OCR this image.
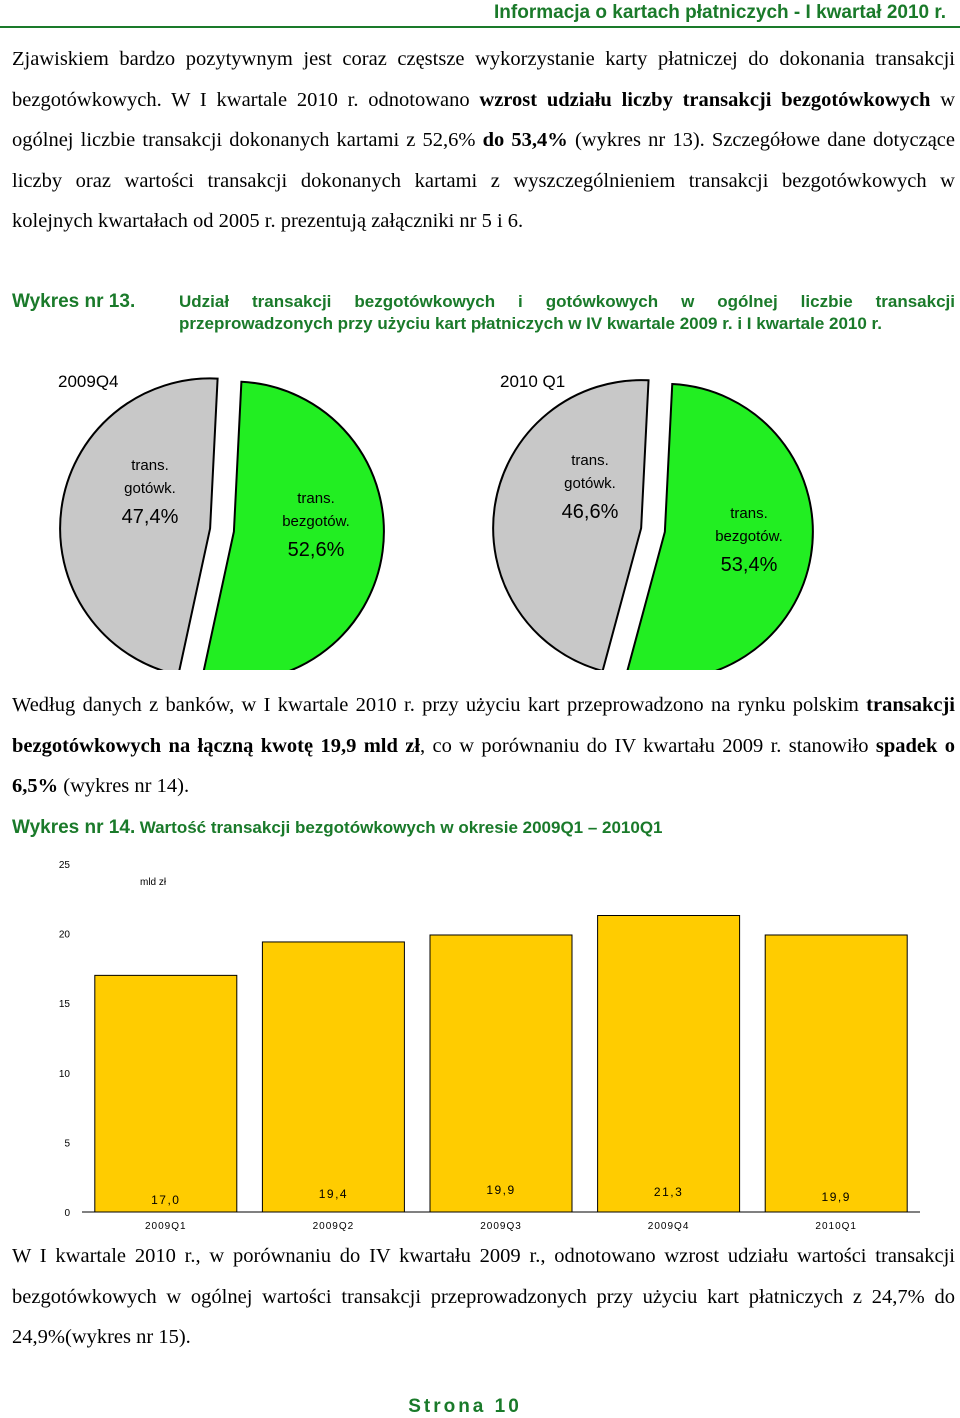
Informacja o kartach płatniczych - I kwartał 2010 r.
Zjawiskiem bardzo pozytywnym jest coraz częstsze wykorzystanie karty płatniczej do dokonania transakcji bezgotówkowych. W I kwartale 2010 r. odnotowano wzrost udziału liczby transakcji bezgotówkowych w ogólnej liczbie transakcji dokonanych kartami z 52,6% do 53,4% (wykres nr 13). Szczegółowe dane dotyczące liczby oraz wartości transakcji dokonanych kartami z wyszczególnieniem transakcji bezgotówkowych w kolejnych kwartałach od 2005 r. prezentują załączniki nr 5 i 6.
Wykres nr 13.	Udział transakcji bezgotówkowych i gotówkowych w ogólnej liczbie transakcji przeprowadzonych przy użyciu kart płatniczych w IV kwartale 2009 r. i I kwartale 2010 r.
2009Q4	2010 Q1
trans.
gotówk.
47,4%
trans.
bezgotów.
52,6%
trans.
gotówk.
46,6%	trans.
bezgotów.
53,4%
Według danych z banków, w I kwartale 2010 r. przy użyciu kart przeprowadzono na rynku polskim transakcji bezgotówkowych na łączną kwotę 19,9 mld zł, co w porównaniu do IV kwartału 2009 r. stanowiło spadek o 6,5% (wykres nr 14).
Wykres nr 14. Wartość transakcji bezgotówkowych w okresie 2009Q1 – 2010Q1
0
5
10
15
20
25
mld zł
17,0
2009Q1
19,4
2009Q2
19,9
2009Q3
21,3
2009Q4
19,9
2010Q1
W I kwartale 2010 r., w porównaniu do IV kwartału 2009 r., odnotowano wzrost udziału wartości transakcji bezgotówkowych w ogólnej wartości transakcji przeprowadzonych przy użyciu kart płatniczych z 24,7% do 24,9%(wykres nr 15).
Strona 10
